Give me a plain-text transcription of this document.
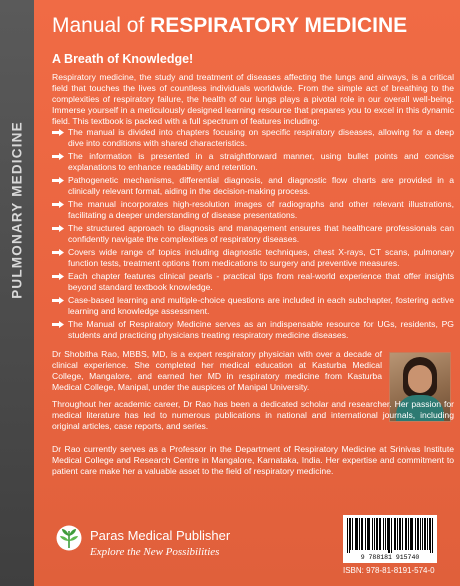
PULMONARY MEDICINE
Manual of RESPIRATORY MEDICINE
A Breath of Knowledge!
Respiratory medicine, the study and treatment of diseases affecting the lungs and airways, is a critical field that touches the lives of countless individuals worldwide. From the simple act of breathing to the complexities of respiratory failure, the health of our lungs plays a pivotal role in our overall well-being. Immerse yourself in a meticulously designed learning resource that prepares you to excel in this dynamic field. This textbook is packed with a full spectrum of features including:
The manual is divided into chapters focusing on specific respiratory diseases, allowing for a deep dive into conditions with shared characteristics.
The information is presented in a straightforward manner, using bullet points and concise explanations to enhance readability and retention.
Pathogenetic mechanisms, differential diagnosis, and diagnostic flow charts are provided in a clinically relevant format, aiding in the decision-making process.
The manual incorporates high-resolution images of radiographs and other relevant illustrations, facilitating a deeper understanding of disease presentations.
The structured approach to diagnosis and management ensures that healthcare professionals can confidently navigate the complexities of respiratory diseases.
Covers wide range of topics including diagnostic techniques, chest X-rays, CT scans, pulmonary function tests, treatment options from medications to surgery and preventive measures.
Each chapter features clinical pearls - practical tips from real-world experience that offer insights beyond standard textbook knowledge.
Case-based learning and multiple-choice questions are included in each subchapter, fostering active learning and knowledge assessment.
The Manual of Respiratory Medicine serves as an indispensable resource for UGs, residents, PG students and practicing physicians treating respiratory medicine diseases.
Dr Shobitha Rao, MBBS, MD, is a expert respiratory physician with over a decade of clinical experience. She completed her medical education at Kasturba Medical College, Mangalore, and earned her MD in respiratory medicine from Kasturba Medical College, Manipal, under the auspices of Manipal University.
Throughout her academic career, Dr Rao has been a dedicated scholar and researcher. Her passion for medical literature has led to numerous publications in national and international journals, including original articles, case reports, and series.
Dr Rao currently serves as a Professor in the Department of Respiratory Medicine at Srinivas Institute Medical College and Research Centre in Mangalore, Karnataka, India. Her expertise and commitment to patient care make her a valuable asset to the field of respiratory medicine.
Paras Medical Publisher
Explore the New Possibilities	9 788181 915740
ISBN: 978-81-8191-574-0
